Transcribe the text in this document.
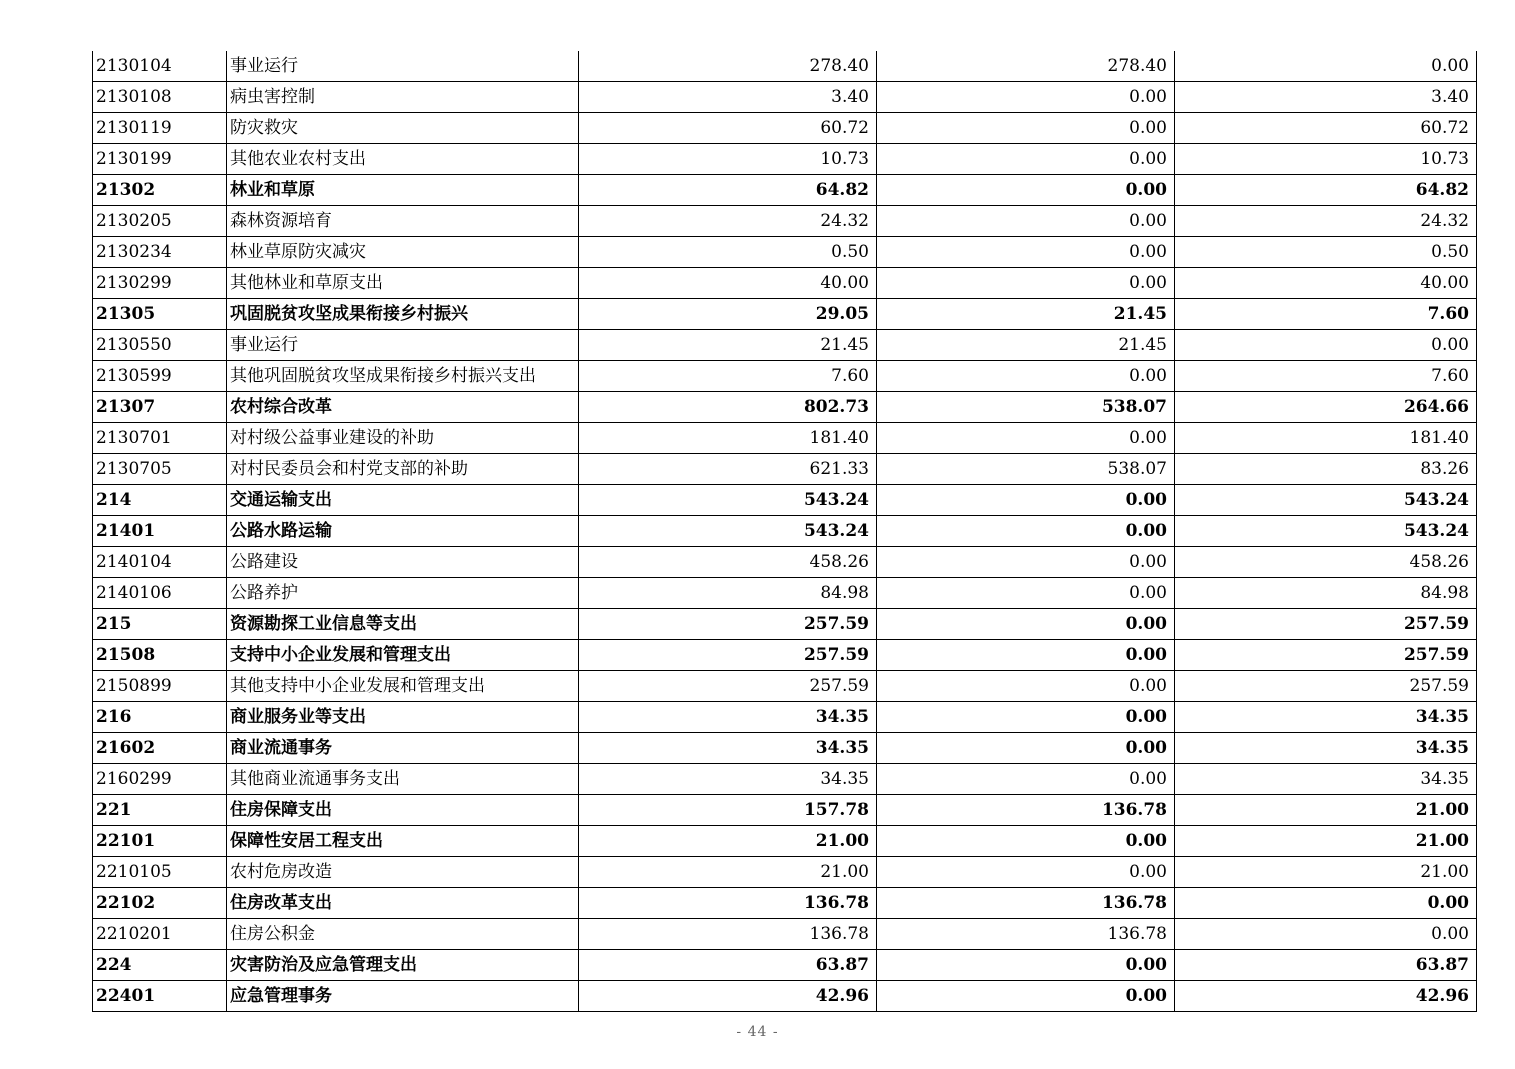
2130104	事业运行	278.40	278.40	0.00
2130108	病虫害控制	3.40	0.00	3.40
2130119	防灾救灾	60.72	0.00	60.72
2130199	其他农业农村支出	10.73	0.00	10.73
21302	林业和草原	64.82	0.00	64.82
2130205	森林资源培育	24.32	0.00	24.32
2130234	林业草原防灾减灾	0.50	0.00	0.50
2130299	其他林业和草原支出	40.00	0.00	40.00
21305	巩固脱贫攻坚成果衔接乡村振兴	29.05	21.45	7.60
2130550	事业运行	21.45	21.45	0.00
2130599	其他巩固脱贫攻坚成果衔接乡村振兴支出	7.60	0.00	7.60
21307	农村综合改革	802.73	538.07	264.66
2130701	对村级公益事业建设的补助	181.40	0.00	181.40
2130705	对村民委员会和村党支部的补助	621.33	538.07	83.26
214	交通运输支出	543.24	0.00	543.24
21401	公路水路运输	543.24	0.00	543.24
2140104	公路建设	458.26	0.00	458.26
2140106	公路养护	84.98	0.00	84.98
215	资源勘探工业信息等支出	257.59	0.00	257.59
21508	支持中小企业发展和管理支出	257.59	0.00	257.59
2150899	其他支持中小企业发展和管理支出	257.59	0.00	257.59
216	商业服务业等支出	34.35	0.00	34.35
21602	商业流通事务	34.35	0.00	34.35
2160299	其他商业流通事务支出	34.35	0.00	34.35
221	住房保障支出	157.78	136.78	21.00
22101	保障性安居工程支出	21.00	0.00	21.00
2210105	农村危房改造	21.00	0.00	21.00
22102	住房改革支出	136.78	136.78	0.00
2210201	住房公积金	136.78	136.78	0.00
224	灾害防治及应急管理支出	63.87	0.00	63.87
22401	应急管理事务	42.96	0.00	42.96
- 44 -
